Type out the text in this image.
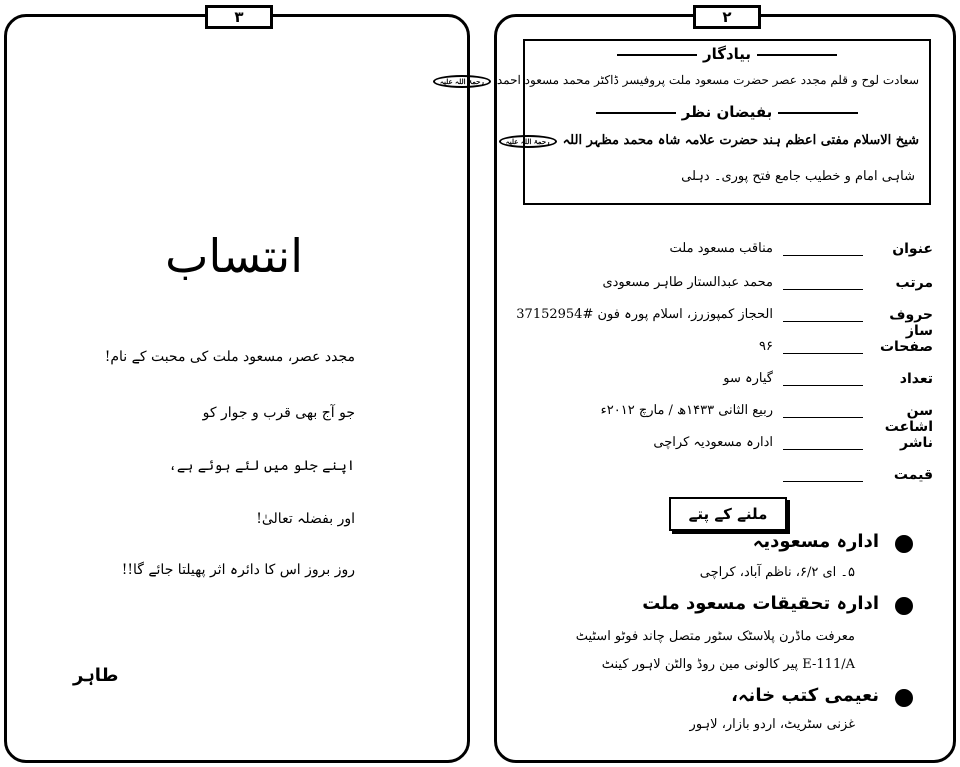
۳
انتساب
مجدد عصر، مسعود ملت کی محبت کے نام!
جو آج بھی قرب و جوار کو
اپنے جلو میں لئے ہوئے ہے،
اور بفضلہ تعالیٰ!
روز بروز اس کا دائرہ اثر پھیلتا جائے گا!!
طاہر
۲
بیادگار
سعادت لوح و قلم مجدد عصر حضرت مسعود ملت پروفیسر ڈاکٹر محمد مسعود احمدرحمۃ اللہ علیہ
بفیضان نظر
شیخ الاسلام مفتی اعظم ہند حضرت علامہ شاہ محمد مظہر اللہرحمۃ اللہ علیہ
شاہی امام و خطیب جامع فتح پوری۔ دہلی
عنوان
مناقب مسعود ملت
مرتب
محمد عبدالستار طاہر مسعودی
حروف ساز
الحجاز کمپوزرز، اسلام پورہ فون #37152954
صفحات
۹۶
تعداد
گیارہ سو
سن اشاعت
ربیع الثانی ۱۴۳۳ھ / مارچ ۲۰۱۲ء
ناشر
ادارہ مسعودیہ کراچی
قیمت
ملنے کے پتے
ادارہ مسعودیہ
۵۔ ای ۶/۲، ناظم آباد، کراچی
ادارہ تحقیقات مسعود ملت
معرفت ماڈرن پلاسٹک سٹور متصل چاند فوٹو اسٹیٹ
E-111/A پیر کالونی مین روڈ والٹن لاہور کینٹ
نعیمی کتب خانہ،
غزنی سٹریٹ، اردو بازار، لاہور
